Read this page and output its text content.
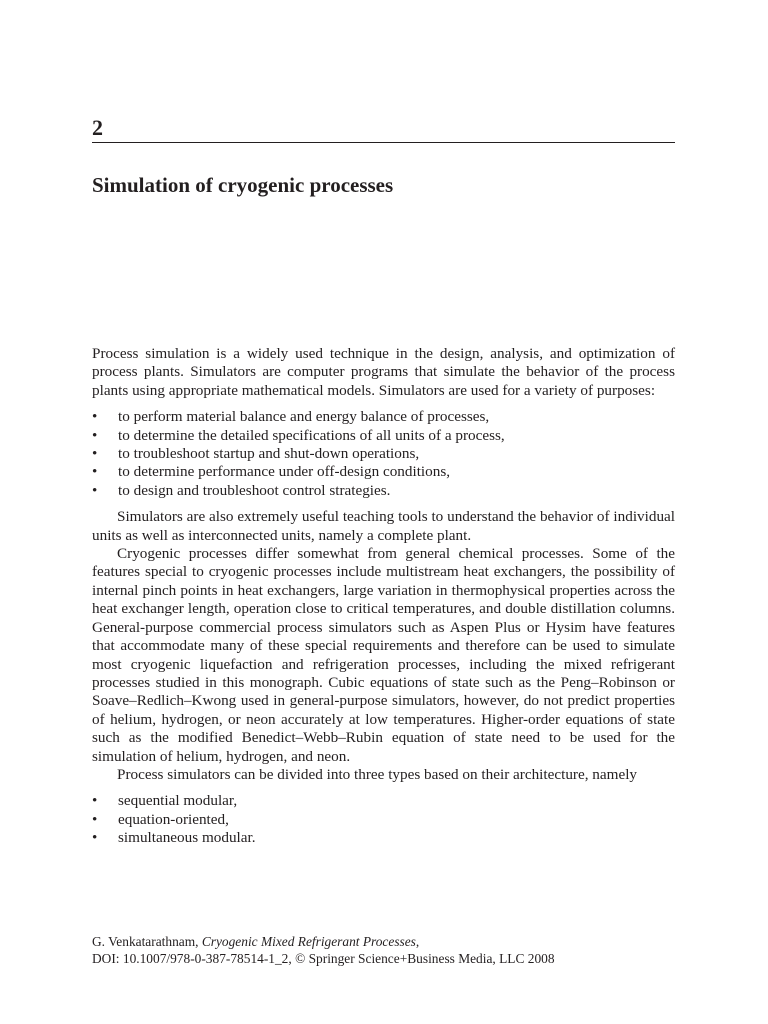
2
Simulation of cryogenic processes

Process simulation is a widely used technique in the design, analysis, and optimization of process plants. Simulators are computer programs that simulate the behavior of the process plants using appropriate mathematical models. Simulators are used for a variety of purposes:

• to perform material balance and energy balance of processes,
• to determine the detailed specifications of all units of a process,
• to troubleshoot startup and shut-down operations,
• to determine performance under off-design conditions,
• to design and troubleshoot control strategies.

Simulators are also extremely useful teaching tools to understand the behavior of individual units as well as interconnected units, namely a complete plant.

Cryogenic processes differ somewhat from general chemical processes. Some of the features special to cryogenic processes include multistream heat exchangers, the possibility of internal pinch points in heat exchangers, large variation in thermophysical properties across the heat exchanger length, operation close to critical temperatures, and double distillation columns. General-purpose commercial process simulators such as Aspen Plus or Hysim have features that accommodate many of these special requirements and therefore can be used to simulate most cryogenic liquefaction and refrigeration processes, including the mixed refrigerant processes studied in this monograph. Cubic equations of state such as the Peng–Robinson or Soave–Redlich–Kwong used in general-purpose simulators, however, do not predict properties of helium, hydrogen, or neon accurately at low temperatures. Higher-order equations of state such as the modified Benedict–Webb–Rubin equation of state need to be used for the simulation of helium, hydrogen, and neon.

Process simulators can be divided into three types based on their architecture, namely

• sequential modular,
• equation-oriented,
• simultaneous modular.
G. Venkatarathnam, Cryogenic Mixed Refrigerant Processes,
DOI: 10.1007/978-0-387-78514-1_2, © Springer Science+Business Media, LLC 2008
